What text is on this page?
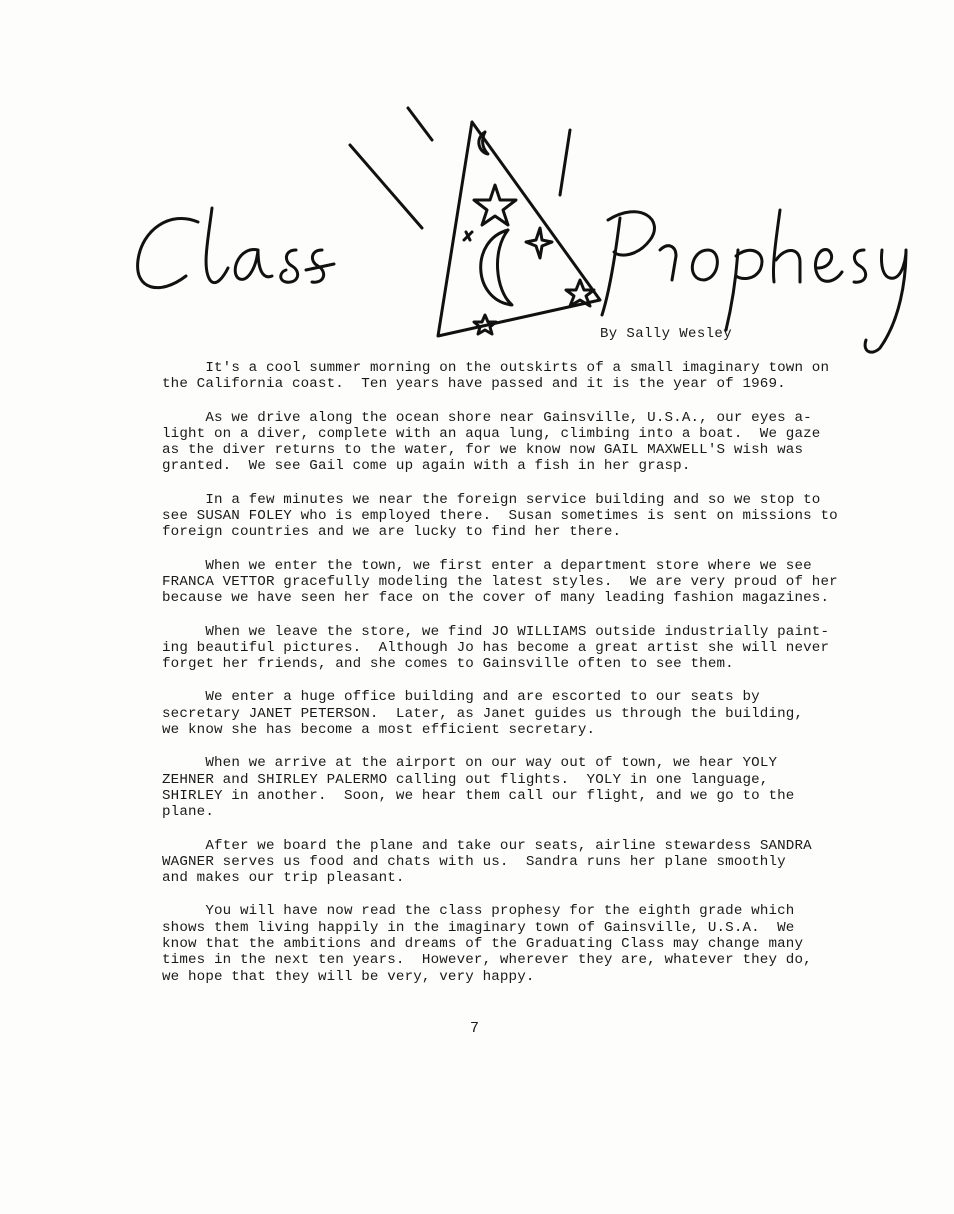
By Sally Wesley

It's a cool summer morning on the outskirts of a small imaginary town on
the California coast.  Ten years have passed and it is the year of 1969.

As we drive along the ocean shore near Gainsville, U.S.A., our eyes a-
light on a diver, complete with an aqua lung, climbing into a boat.  We gaze
as the diver returns to the water, for we know now GAIL MAXWELL'S wish was
granted.  We see Gail come up again with a fish in her grasp.

In a few minutes we near the foreign service building and so we stop to
see SUSAN FOLEY who is employed there.  Susan sometimes is sent on missions to
foreign countries and we are lucky to find her there.

When we enter the town, we first enter a department store where we see
FRANCA VETTOR gracefully modeling the latest styles.  We are very proud of her
because we have seen her face on the cover of many leading fashion magazines.

When we leave the store, we find JO WILLIAMS outside industrially paint-
ing beautiful pictures.  Although Jo has become a great artist she will never
forget her friends, and she comes to Gainsville often to see them.

We enter a huge office building and are escorted to our seats by
secretary JANET PETERSON.  Later, as Janet guides us through the building,
we know she has become a most efficient secretary.

When we arrive at the airport on our way out of town, we hear YOLY
ZEHNER and SHIRLEY PALERMO calling out flights.  YOLY in one language,
SHIRLEY in another.  Soon, we hear them call our flight, and we go to the
plane.

After we board the plane and take our seats, airline stewardess SANDRA
WAGNER serves us food and chats with us.  Sandra runs her plane smoothly
and makes our trip pleasant.

You will have now read the class prophesy for the eighth grade which
shows them living happily in the imaginary town of Gainsville, U.S.A.  We
know that the ambitions and dreams of the Graduating Class may change many
times in the next ten years.  However, wherever they are, whatever they do,
we hope that they will be very, very happy.

7
